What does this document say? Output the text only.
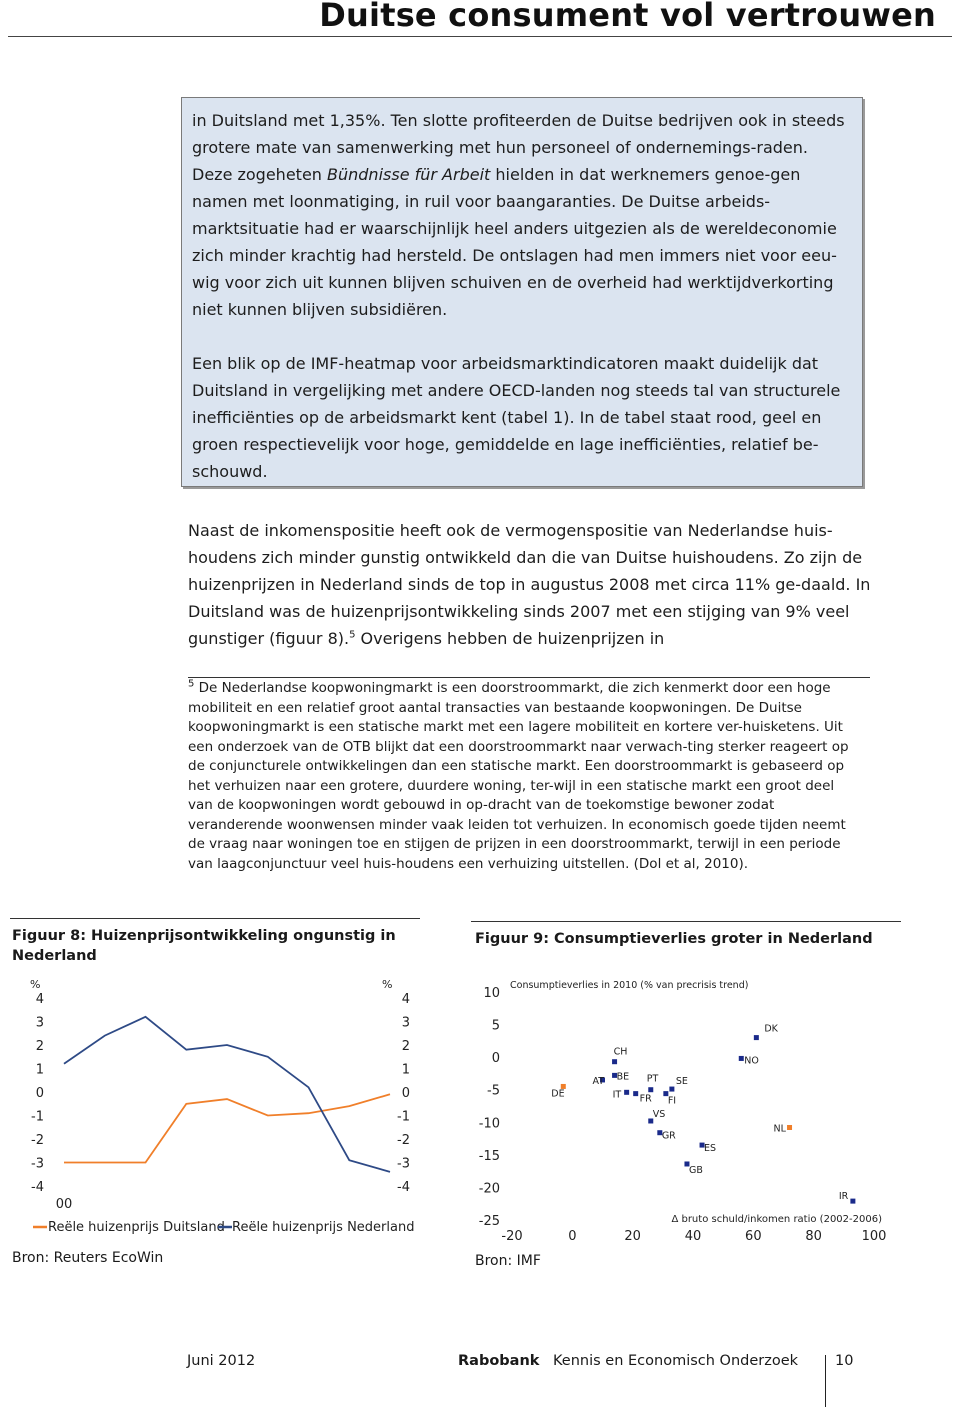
Duitse consument vol vertrouwen

in Duitsland met 1,35%. Ten slotte profiteerden de Duitse bedrijven ook in steeds grotere mate van samenwerking met hun personeel of ondernemings-raden. Deze zogeheten Bündnisse für Arbeit hielden in dat werknemers genoe-gen namen met loonmatiging, in ruil voor baangaranties. De Duitse arbeids-marktsituatie had er waarschijnlijk heel anders uitgezien als de wereldeconomie zich minder krachtig had hersteld. De ontslagen had men immers niet voor eeu-wig voor zich uit kunnen blijven schuiven en de overheid had werktijdverkorting niet kunnen blijven subsidiëren.

Een blik op de IMF-heatmap voor arbeidsmarktindicatoren maakt duidelijk dat Duitsland in vergelijking met andere OECD-landen nog steeds tal van structurele inefficiënties op de arbeidsmarkt kent (tabel 1). In de tabel staat rood, geel en groen respectievelijk voor hoge, gemiddelde en lage inefficiënties, relatief be-schouwd.

Naast de inkomenspositie heeft ook de vermogenspositie van Nederlandse huis-houdens zich minder gunstig ontwikkeld dan die van Duitse huishoudens. Zo zijn de huizenprijzen in Nederland sinds de top in augustus 2008 met circa 11% ge-daald. In Duitsland was de huizenprijsontwikkeling sinds 2007 met een stijging van 9% veel gunstiger (figuur 8).$^5$ Overigens hebben de huizenprijzen in

$^5$ De Nederlandse koopwoningmarkt is een doorstroommarkt, die zich kenmerkt door een hoge mobiliteit en een relatief groot aantal transacties van bestaande koopwoningen. De Duitse koopwoningmarkt is een statische markt met een lagere mobiliteit en kortere ver-huisketens. Uit een onderzoek van de OTB blijkt dat een doorstroommarkt naar verwach-ting sterker reageert op de conjuncturele ontwikkelingen dan een statische markt. Een doorstroommarkt is gebaseerd op het verhuizen naar een grotere, duurdere woning, ter-wijl in een statische markt een groot deel van de koopwoningen wordt gebouwd in op-dracht van de toekomstige bewoner zodat veranderende woonwensen minder vaak leiden tot verhuizen. In economisch goede tijden neemt de vraag naar woningen toe en stijgen de prijzen in een doorstroommarkt, terwijl in een periode van laagconjunctuur veel huis-houdens een verhuizing uitstellen. (Dol et al, 2010).

Figuur 8: Huizenprijsontwikkeling ongunstig in Nederland

Figuur 9: Consumptieverlies groter in Nederland

%	%
4	4
3	3
2	2
1	1
0	0
-1	-1
-2	-2
-3	-3
-4	-4
00
Reële huizenprijs Duitsland Reële huizenprijs Nederland
Consumptieverlies in 2010 (% van precrisis trend)
10
5
0
-5
-10
-15
-20
-25
-20	0	20	40	60	80	100
Δ bruto schuld/inkomen ratio (2002-2006)
DK
NO
CH
BE
AT
DE
PT SE
IT FR FI
VS
GR
NL
ES
GB
IR
Bron: Reuters EcoWin	Bron: IMF
Juni 2012	Rabobank Kennis en Economisch Onderzoek	10
